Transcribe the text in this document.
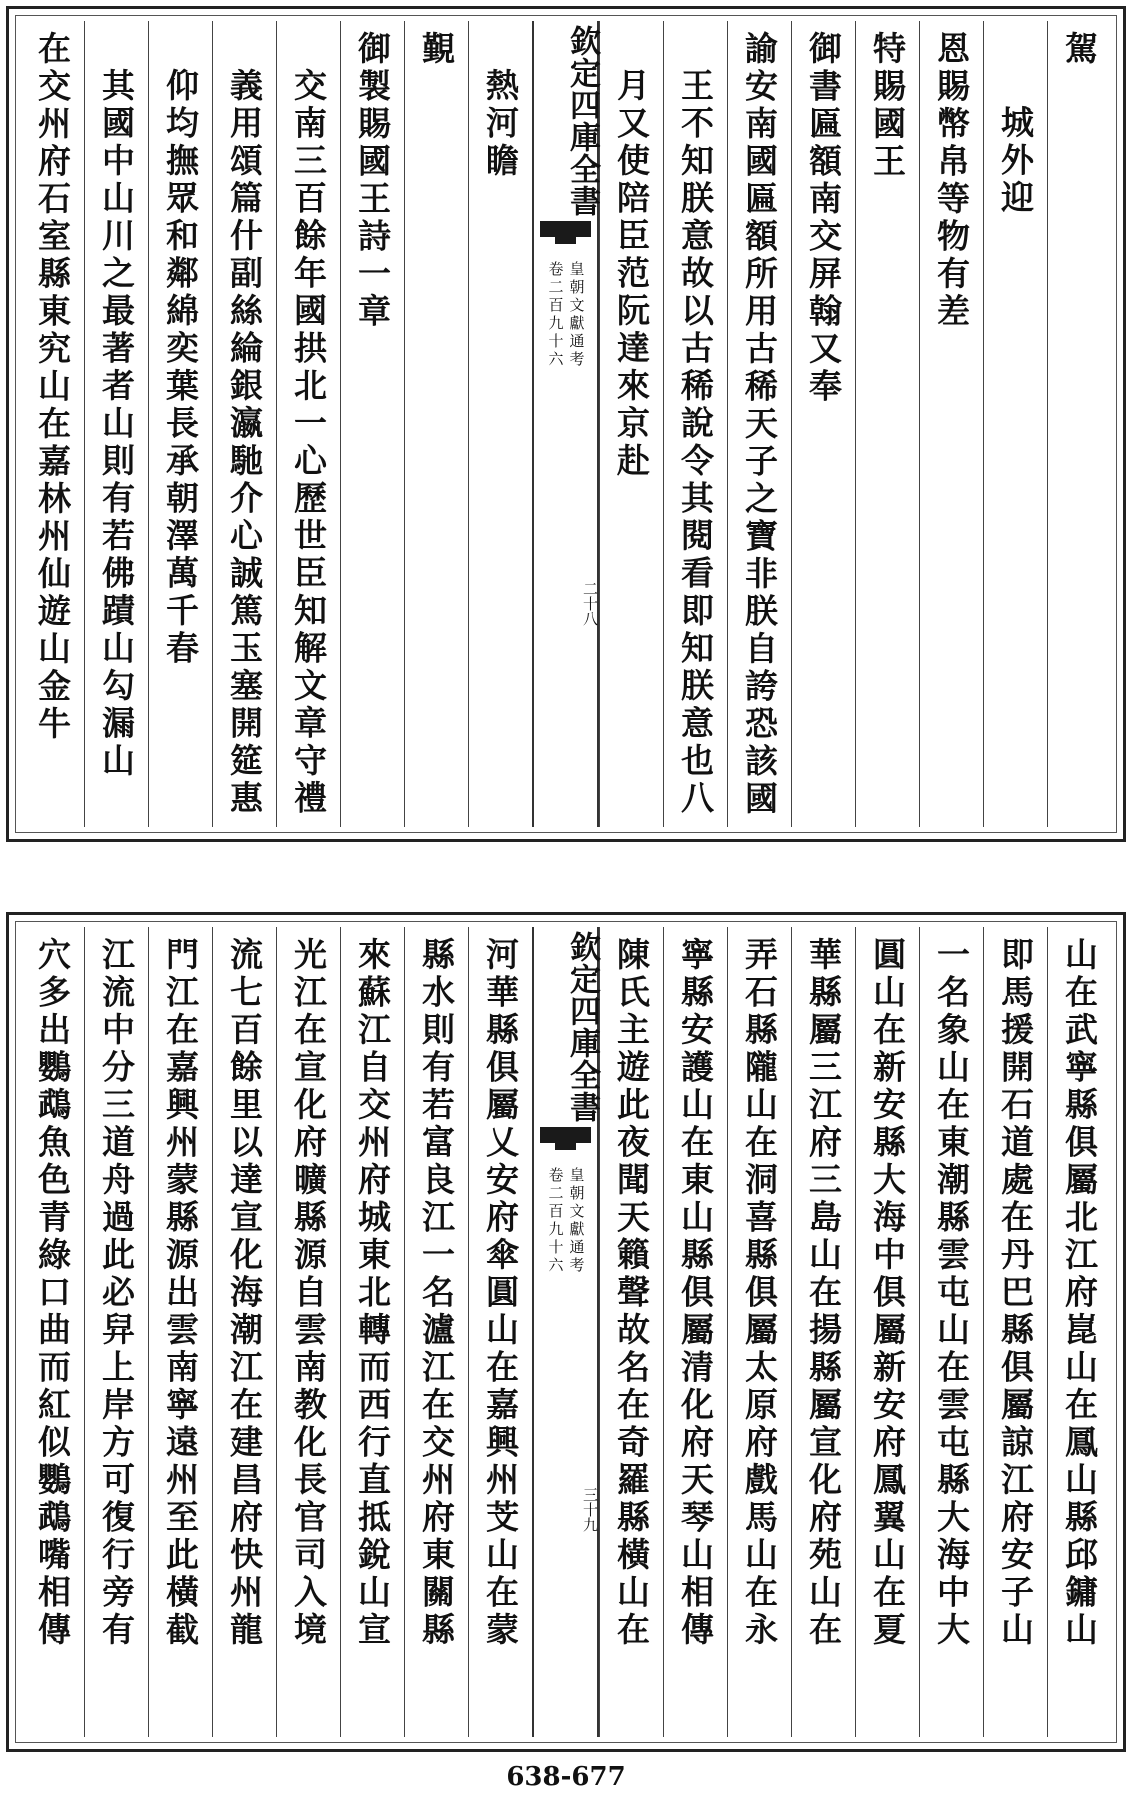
駕
城外迎
恩賜幣帛等物有差
特賜國王
御書匾額南交屏翰又奉
諭安南國匾額所用古稀天子之寶非朕自誇恐該國
王不知朕意故以古稀說令其閱看即知朕意也八
月又使陪臣范阮達來京赴
欽定四庫全書
皇朝文獻通考
卷二百九十六
二十八
熱河瞻
覲
御製賜國王詩一章
交南三百餘年國拱北一心歷世臣知解文章守禮
義用頌篇什副絲綸銀瀛馳介心誠篤玉塞開筵惠
仰均撫眾和鄰綿奕葉長承朝澤萬千春
其國中山川之最著者山則有若佛蹟山勾漏山
在交州府石室縣東究山在嘉林州仙遊山金牛
山在武寧縣俱屬北江府崑山在鳳山縣邱鏞山
即馬援開石道處在丹巴縣俱屬諒江府安子山
一名象山在東潮縣雲屯山在雲屯縣大海中大
圓山在新安縣大海中俱屬新安府鳳翼山在夏
華縣屬三江府三島山在揚縣屬宣化府苑山在
弄石縣隴山在洞喜縣俱屬太原府戲馬山在永
寧縣安護山在東山縣俱屬清化府天琴山相傳
陳氏主遊此夜聞天籟聲故名在奇羅縣橫山在
欽定四庫全書
皇朝文獻通考
卷二百九十六
三十九
河華縣俱屬乂安府傘圓山在嘉興州芠山在蒙
縣水則有若富良江一名瀘江在交州府東關縣
來蘇江自交州府城東北轉而西行直抵銳山宣
光江在宣化府曠縣源自雲南教化長官司入境
流七百餘里以達宣化海潮江在建昌府快州龍
門江在嘉興州蒙縣源出雲南寧遠州至此橫截
江流中分三道舟過此必舁上岸方可復行旁有
穴多出鸚鵡魚色青綠口曲而紅似鸚鵡嘴相傳
638-677
